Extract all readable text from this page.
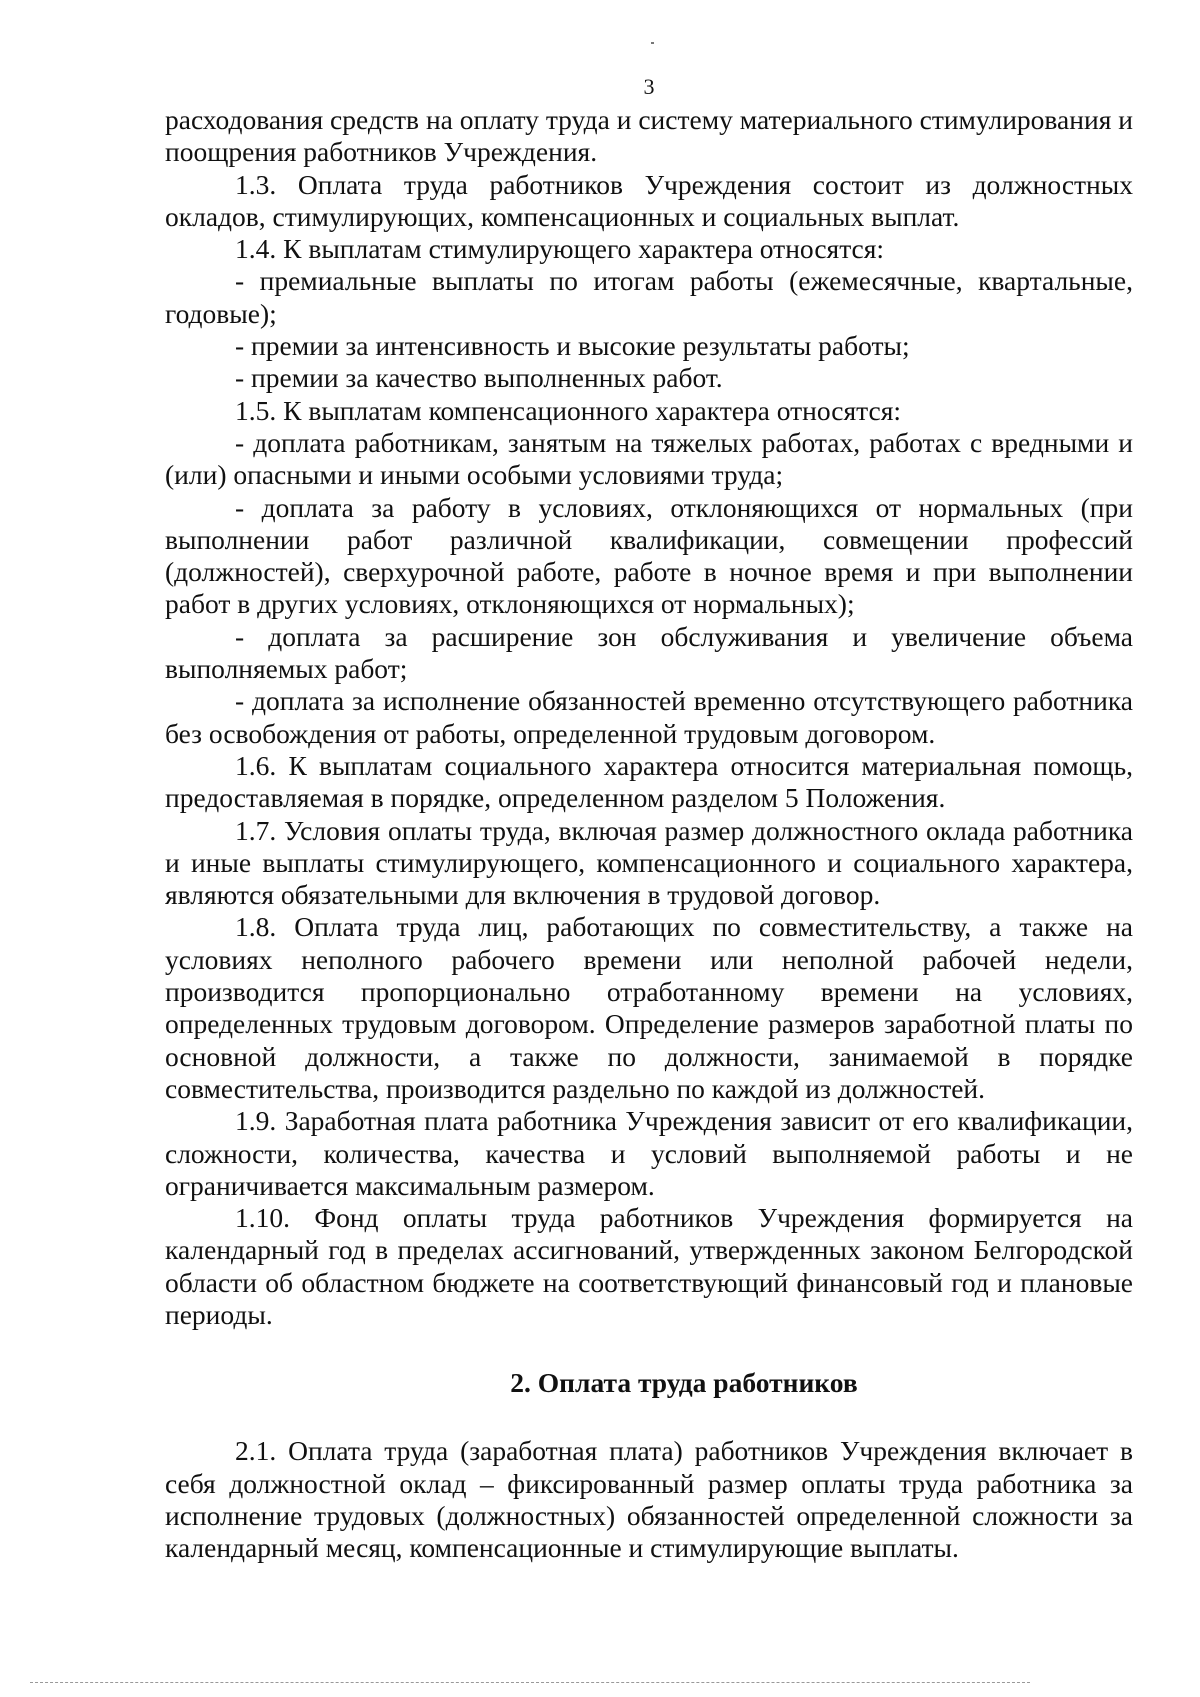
3

расходования средств на оплату труда и систему материального стимулирования и поощрения работников Учреждения.

1.3. Оплата труда работников Учреждения состоит из должностных окладов, стимулирующих, компенсационных и социальных выплат.

1.4. К выплатам стимулирующего характера относятся:

- премиальные выплаты по итогам работы (ежемесячные, квартальные, годовые);

- премии за интенсивность и высокие результаты работы;

- премии за качество выполненных работ.

1.5. К выплатам компенсационного характера относятся:

- доплата работникам, занятым на тяжелых работах, работах с вредными и (или) опасными и иными особыми условиями труда;

- доплата за работу в условиях, отклоняющихся от нормальных (при выполнении работ различной квалификации, совмещении профессий (должностей), сверхурочной работе, работе в ночное время и при выполнении работ в других условиях, отклоняющихся от нормальных);

- доплата за расширение зон обслуживания и увеличение объема выполняемых работ;

- доплата за исполнение обязанностей временно отсутствующего работника без освобождения от работы, определенной трудовым договором.

1.6. К выплатам социального характера относится материальная помощь, предоставляемая в порядке, определенном разделом 5 Положения.

1.7. Условия оплаты труда, включая размер должностного оклада работника и иные выплаты стимулирующего, компенсационного и социального характера, являются обязательными для включения в трудовой договор.

1.8. Оплата труда лиц, работающих по совместительству, а также на условиях неполного рабочего времени или неполной рабочей недели, производится пропорционально отработанному времени на условиях, определенных трудовым договором. Определение размеров заработной платы по основной должности, а также по должности, занимаемой в порядке совместительства, производится раздельно по каждой из должностей.

1.9. Заработная плата работника Учреждения зависит от его квалификации, сложности, количества, качества и условий выполняемой работы и не ограничивается максимальным размером.

1.10. Фонд оплаты труда работников Учреждения формируется на календарный год в пределах ассигнований, утвержденных законом Белгородской области об областном бюджете на соответствующий финансовый год и плановые периоды.

2. Оплата труда работников

2.1. Оплата труда (заработная плата) работников Учреждения включает в себя должностной оклад – фиксированный размер оплаты труда работника за исполнение трудовых (должностных) обязанностей определенной сложности за календарный месяц, компенсационные и стимулирующие выплаты.
